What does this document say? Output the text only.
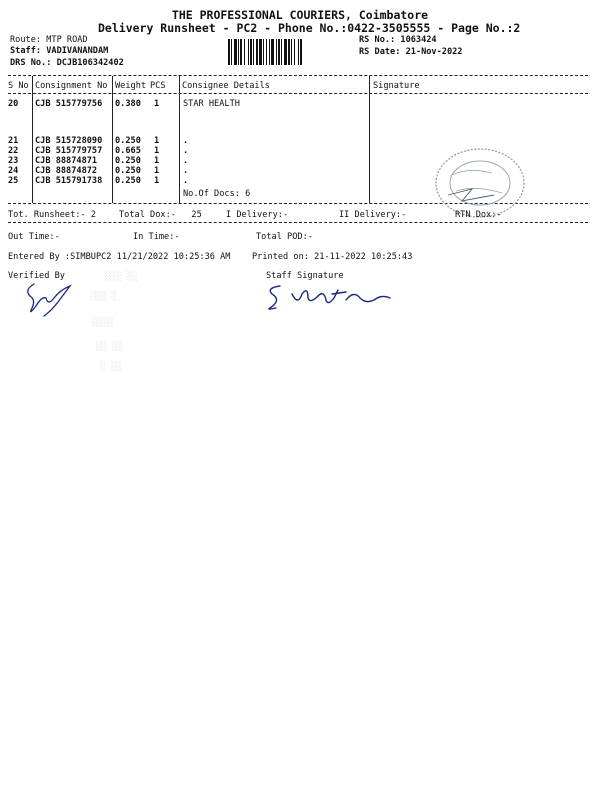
THE PROFESSIONAL COURIERS, Coimbatore
Delivery Runsheet - PC2 - Phone No.:0422-3505555 - Page No.:2
Route: MTP ROAD
Staff: VADIVANANDAM
DRS No.: DCJB106342402
RS No.: 1063424
RS Date: 21-Nov-2022
S No Consignment No Weight PCS Consignee Details	Signature
20 CJB 515779756 0.380 1	STAR HEALTH
21 CJB 515728090 0.250 1	.
22 CJB 515779757 0.665 1	.
23 CJB 88874871 0.250 1	.
24 CJB 88874872 0.250 1	.
25 CJB 515791738 0.250 1	.
No.Of Docs: 6
Tot. Runsheet:- 2	Total Dox:-   25	I Delivery:-	II Delivery:-	RTN Dox:-
Out Time:-	In Time:-	Total POD:-
Entered By :SIMBUPC2 11/21/2022 10:25:36 AM	Printed on: 21-11-2022 10:25:43
Verified By	Staff Signature
░░░ ░░
░░░ ░
░░░░
░░ ░░
░ ░░
